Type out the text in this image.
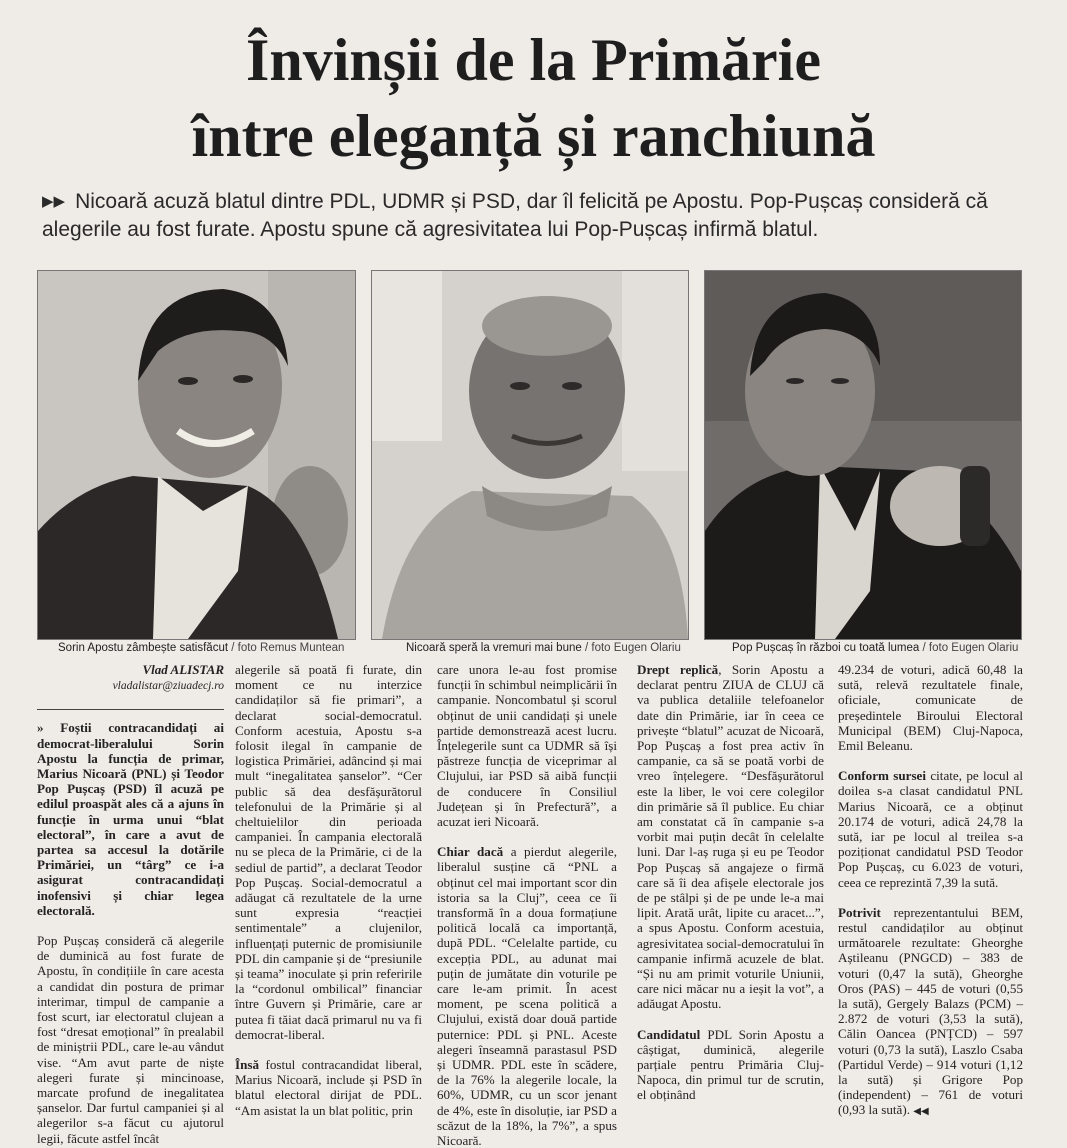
Învinșii de la Primărie
între eleganță și ranchiună
▶▶ Nicoară acuză blatul dintre PDL, UDMR și PSD, dar îl felicită pe Apostu. Pop-Pușcaș consideră că alegerile au fost furate. Apostu spune că agresivitatea lui Pop-Pușcaș infirmă blatul.
Sorin Apostu zâmbește satisfăcut / foto Remus Muntean	Nicoară speră la vremuri mai bune / foto Eugen Olariu	Pop Pușcaș în război cu toată lumea / foto Eugen Olariu

Vlad ALISTAR
vladalistar@ziuadecj.ro

» Foștii contracandidați ai democrat-liberalului Sorin Apostu la funcția de primar, Marius Nicoară (PNL) și Teodor Pop Pușcaș (PSD) îl acuză pe edilul proaspăt ales că a ajuns în funcție în urma unui “blat electoral”, în care a avut de partea sa accesul la dotările Primăriei, un “târg” ce i-a asigurat contracandidați inofensivi și chiar legea electorală.

Pop Pușcaș consideră că alegerile de duminică au fost furate de Apostu, în condițiile în care acesta a candidat din postura de primar interimar, timpul de campanie a fost scurt, iar electoratul clujean a fost “dresat emoțional” în prealabil de miniștrii PDL, care le-au vândut vise. “Am avut parte de niște alegeri furate și mincinoase, marcate profund de inegalitatea șanselor. Dar furtul campaniei și al alegerilor s-a făcut cu ajutorul legii, făcute astfel încât

alegerile să poată fi furate, din moment ce nu interzice candidaților să fie primari”, a declarat social-democratul. Conform acestuia, Apostu s-a folosit ilegal în campanie de logistica Primăriei, adâncind și mai mult “inegalitatea șanselor”. “Cer public să dea desfășurătorul telefonului de la Primărie și al cheltuielilor din perioada campaniei. În campania electorală nu se pleca de la Primărie, ci de la sediul de partid”, a declarat Teodor Pop Pușcaș. Social-democratul a adăugat că rezultatele de la urne sunt expresia “reacției sentimentale” a clujenilor, influențați puternic de promisiunile PDL din campanie și de “presiunile și teama” inoculate și prin referirile la “cordonul ombilical” financiar între Guvern și Primărie, care ar putea fi tăiat dacă primarul nu va fi democrat-liberal.

Însă fostul contracandidat liberal, Marius Nicoară, include și PSD în blatul electoral dirijat de PDL. “Am asistat la un blat politic, prin

care unora le-au fost promise funcții în schimbul neimplicării în campanie. Noncombatul și scorul obținut de unii candidați și unele partide demonstrează acest lucru. Înțelegerile sunt ca UDMR să își păstreze funcția de viceprimar al Clujului, iar PSD să aibă funcții de conducere în Consiliul Județean și în Prefectură”, a acuzat ieri Nicoară.

Chiar dacă a pierdut alegerile, liberalul susține că “PNL a obținut cel mai important scor din istoria sa la Cluj”, ceea ce îi transformă în a doua formațiune politică locală ca importanță, după PDL. “Celelalte partide, cu excepția PDL, au adunat mai puțin de jumătate din voturile pe care le-am primit. În acest moment, pe scena politică a Clujului, există doar două partide puternice: PDL și PNL. Aceste alegeri înseamnă parastasul PSD și UDMR. PDL este în scădere, de la 76% la alegerile locale, la 60%, UDMR, cu un scor jenant de 4%, este în disoluție, iar PSD a scăzut de la 18%, la 7%”, a spus Nicoară.

Drept replică, Sorin Apostu a declarat pentru ZIUA de CLUJ că va publica detaliile telefoanelor date din Primărie, iar în ceea ce privește “blatul” acuzat de Nicoară, Pop Pușcaș a fost prea activ în campanie, ca să se poată vorbi de vreo înțelegere. “Desfășurătorul este la liber, le voi cere colegilor din primărie să îl publice. Eu chiar am constatat că în campanie s-a vorbit mai puțin decât în celelalte luni. Dar l-aș ruga și eu pe Teodor Pop Pușcaș să angajeze o firmă care să îi dea afișele electorale jos de pe stâlpi și de pe unde le-a mai lipit. Arată urât, lipite cu aracet...”, a spus Apostu. Conform acestuia, agresivitatea social-democratului în campanie infirmă acuzele de blat. “Și nu am primit voturile Uniunii, care nici măcar nu a ieșit la vot”, a adăugat Apostu.

Candidatul PDL Sorin Apostu a câștigat, duminică, alegerile parțiale pentru Primăria Cluj-Napoca, din primul tur de scrutin, el obținând

49.234 de voturi, adică 60,48 la sută, relevă rezultatele finale, oficiale, comunicate de președintele Biroului Electoral Municipal (BEM) Cluj-Napoca, Emil Beleanu.

Conform sursei citate, pe locul al doilea s-a clasat candidatul PNL Marius Nicoară, ce a obținut 20.174 de voturi, adică 24,78 la sută, iar pe locul al treilea s-a poziționat candidatul PSD Teodor Pop Pușcaș, cu 6.023 de voturi, ceea ce reprezintă 7,39 la sută.

Potrivit reprezentantului BEM, restul candidaților au obținut următoarele rezultate: Gheorghe Aștileanu (PNGCD) – 383 de voturi (0,47 la sută), Gheorghe Oros (PAS) – 445 de voturi (0,55 la sută), Gergely Balazs (PCM) – 2.872 de voturi (3,53 la sută), Călin Oancea (PNȚCD) – 597 voturi (0,73 la sută), Laszlo Csaba (Partidul Verde) – 914 voturi (1,12 la sută) și Grigore Pop (independent) – 761 de voturi (0,93 la sută). ◀◀
